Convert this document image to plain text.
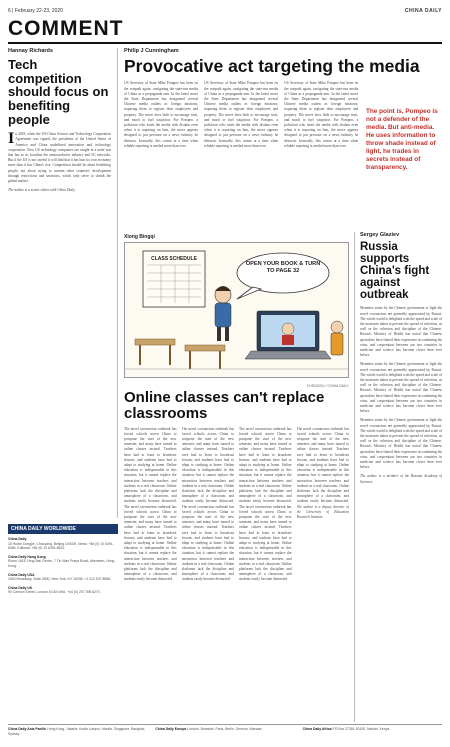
6 | February 22-23, 2020	CHINA DAILY
COMMENT
Hannay Richards
Tech competition should focus on benefiting people
In 2018, when the US-China Science and Technology Cooperation Agreement was signed, the presidents of the United States of America and China underlined innovation and technology cooperation. Now US technology companies are caught in a trade war that has as its frontline the semiconductor industry and 5G networks. But if the US is not careful it will find that it has hurt its own economy more than it has China's rise. Competition should be about benefiting people, not about trying to contain other countries' development through restrictions and sanctions, which only serve to shrink the global market.
The author is a senior editor with China Daily.
Philip J Cunningham
Provocative act targeting the media
US Secretary of State Mike Pompeo has been on the warpath again, castigating the state-run media of China as a propaganda arm. In the latest move the State Department has designated several Chinese media outlets as foreign missions, requiring them to register their employees and property. The move does little to encourage trust, and much to fuel suspicion. For Pompeo, a politician who treats the media with disdain even when it is reporting on him, the move appears designed to put pressure on a news industry he distrusts. Ironically, this comes at a time when reliable reporting is needed more than ever.
US Secretary of State Mike Pompeo has been on the warpath again, castigating the state-run media of China as a propaganda arm. In the latest move the State Department has designated several Chinese media outlets as foreign missions, requiring them to register their employees and property. The move does little to encourage trust, and much to fuel suspicion. For Pompeo, a politician who treats the media with disdain even when it is reporting on him, the move appears designed to put pressure on a news industry he distrusts. Ironically, this comes at a time when reliable reporting is needed more than ever.
US Secretary of State Mike Pompeo has been on the warpath again, castigating the state-run media of China as a propaganda arm. In the latest move the State Department has designated several Chinese media outlets as foreign missions, requiring them to register their employees and property. The move does little to encourage trust, and much to fuel suspicion. For Pompeo, a politician who treats the media with disdain even when it is reporting on him, the move appears designed to put pressure on a news industry he distrusts. Ironically, this comes at a time when reliable reporting is needed more than ever.
The point is, Pompeo is not a defender of the media. But anti-media. He uses information to throw shade instead of light, he trades in secrets instead of transparency.
Xiong Bingqi
CLASS SCHEDULE
OPEN YOUR BOOK & TURN TO PAGE 32
CHENGDU / CHINA DAILY
Sergey Glaziev
Russia supports China's fight against outbreak
Members states by the Chinese government to fight the novel coronavirus are generally appreciated by Russia. The whole world is delighted with the speed and scale of the measures taken to prevent the spread of infection, as well as the cohesion and discipline of the Chinese. Russia's Ministry of Health has noted that Chinese specialists have shared their experience in combating the virus, and cooperation between our two countries in medicine and science has become closer than ever before.
Members states by the Chinese government to fight the novel coronavirus are generally appreciated by Russia. The whole world is delighted with the speed and scale of the measures taken to prevent the spread of infection, as well as the cohesion and discipline of the Chinese. Russia's Ministry of Health has noted that Chinese specialists have shared their experience in combating the virus, and cooperation between our two countries in medicine and science has become closer than ever before.
Members states by the Chinese government to fight the novel coronavirus are generally appreciated by Russia. The whole world is delighted with the speed and scale of the measures taken to prevent the spread of infection, as well as the cohesion and discipline of the Chinese. Russia's Ministry of Health has noted that Chinese specialists have shared their experience in combating the virus, and cooperation between our two countries in medicine and science has become closer than ever before.
The author is a member of the Russian Academy of Sciences.
Online classes can't replace classrooms
The novel coronavirus outbreak has forced schools across China to postpone the start of the new semester, and many have turned to online classes instead. Teachers have had to learn to broadcast lessons, and students have had to adapt to studying at home. Online education is indispensable in this situation, but it cannot replace the interaction between teachers and students in a real classroom. Online platforms lack the discipline and atmosphere of a classroom, and students easily become distracted. The novel coronavirus outbreak has forced schools across China to postpone the start of the new semester, and many have turned to online classes instead. Teachers have had to learn to broadcast lessons, and students have had to adapt to studying at home. Online education is indispensable in this situation, but it cannot replace the interaction between teachers and students in a real classroom. Online platforms lack the discipline and atmosphere of a classroom, and students easily become distracted.
The novel coronavirus outbreak has forced schools across China to postpone the start of the new semester, and many have turned to online classes instead. Teachers have had to learn to broadcast lessons, and students have had to adapt to studying at home. Online education is indispensable in this situation, but it cannot replace the interaction between teachers and students in a real classroom. Online platforms lack the discipline and atmosphere of a classroom, and students easily become distracted. The novel coronavirus outbreak has forced schools across China to postpone the start of the new semester, and many have turned to online classes instead. Teachers have had to learn to broadcast lessons, and students have had to adapt to studying at home. Online education is indispensable in this situation, but it cannot replace the interaction between teachers and students in a real classroom. Online platforms lack the discipline and atmosphere of a classroom, and students easily become distracted.
The novel coronavirus outbreak has forced schools across China to postpone the start of the new semester, and many have turned to online classes instead. Teachers have had to learn to broadcast lessons, and students have had to adapt to studying at home. Online education is indispensable in this situation, but it cannot replace the interaction between teachers and students in a real classroom. Online platforms lack the discipline and atmosphere of a classroom, and students easily become distracted. The novel coronavirus outbreak has forced schools across China to postpone the start of the new semester, and many have turned to online classes instead. Teachers have had to learn to broadcast lessons, and students have had to adapt to studying at home. Online education is indispensable in this situation, but it cannot replace the interaction between teachers and students in a real classroom. Online platforms lack the discipline and atmosphere of a classroom, and students easily become distracted.
The novel coronavirus outbreak has forced schools across China to postpone the start of the new semester, and many have turned to online classes instead. Teachers have had to learn to broadcast lessons, and students have had to adapt to studying at home. Online education is indispensable in this situation, but it cannot replace the interaction between teachers and students in a real classroom. Online platforms lack the discipline and atmosphere of a classroom, and students easily become distracted. The author is a deputy director of the University of Education Research Institute.
CHINA DAILY WORLDWIDE
China Daily
15 Huixin Dongjie, Chaoyang, Beijing 100029. News: +86 (0) 10 6491-8366. Editorial: +86 (0) 10 6491-8631.
China Daily Hong Kong
Room 1818, Hing Wai Centre, 7 Tin Wan Praya Road, Aberdeen, Hong Kong.
China Daily USA
1500 Broadway, Suite 2800, New York, NY 10036. +1 212 537 8888.
China Daily UK
90 Cannon Street, London EC4N 6HA. +44 (0) 207 398 8270.
China Daily Asia Pacific Hong Kong, Jakarta, Kuala Lumpur, Manila, Singapore, Bangkok, Sydney.
China Daily Europe London, Brussels, Paris, Berlin, Geneva, Warsaw.	China Daily Africa PO Box 27281-00100, Nairobi, Kenya.
